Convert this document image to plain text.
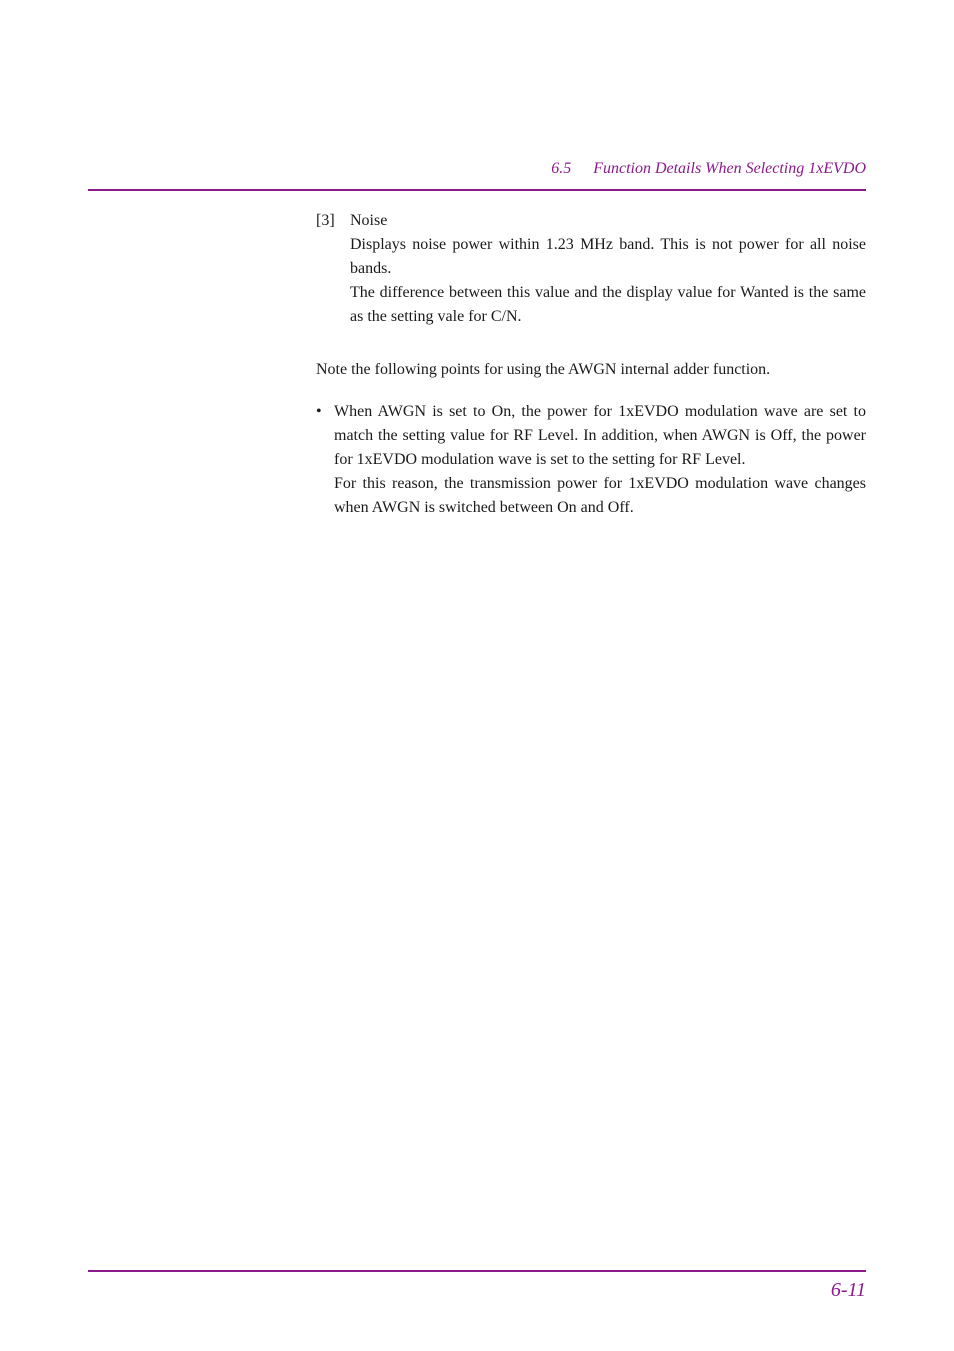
6.5 Function Details When Selecting 1xEVDO
[3] Noise
Displays noise power within 1.23 MHz band. This is not power for all noise bands.
The difference between this value and the display value for Wanted is the same as the setting vale for C/N.
Note the following points for using the AWGN internal adder function.
• When AWGN is set to On, the power for 1xEVDO modulation wave are set to match the setting value for RF Level. In addition, when AWGN is Off, the power for 1xEVDO modulation wave is set to the setting for RF Level.
For this reason, the transmission power for 1xEVDO modulation wave changes when AWGN is switched between On and Off.
6-11
